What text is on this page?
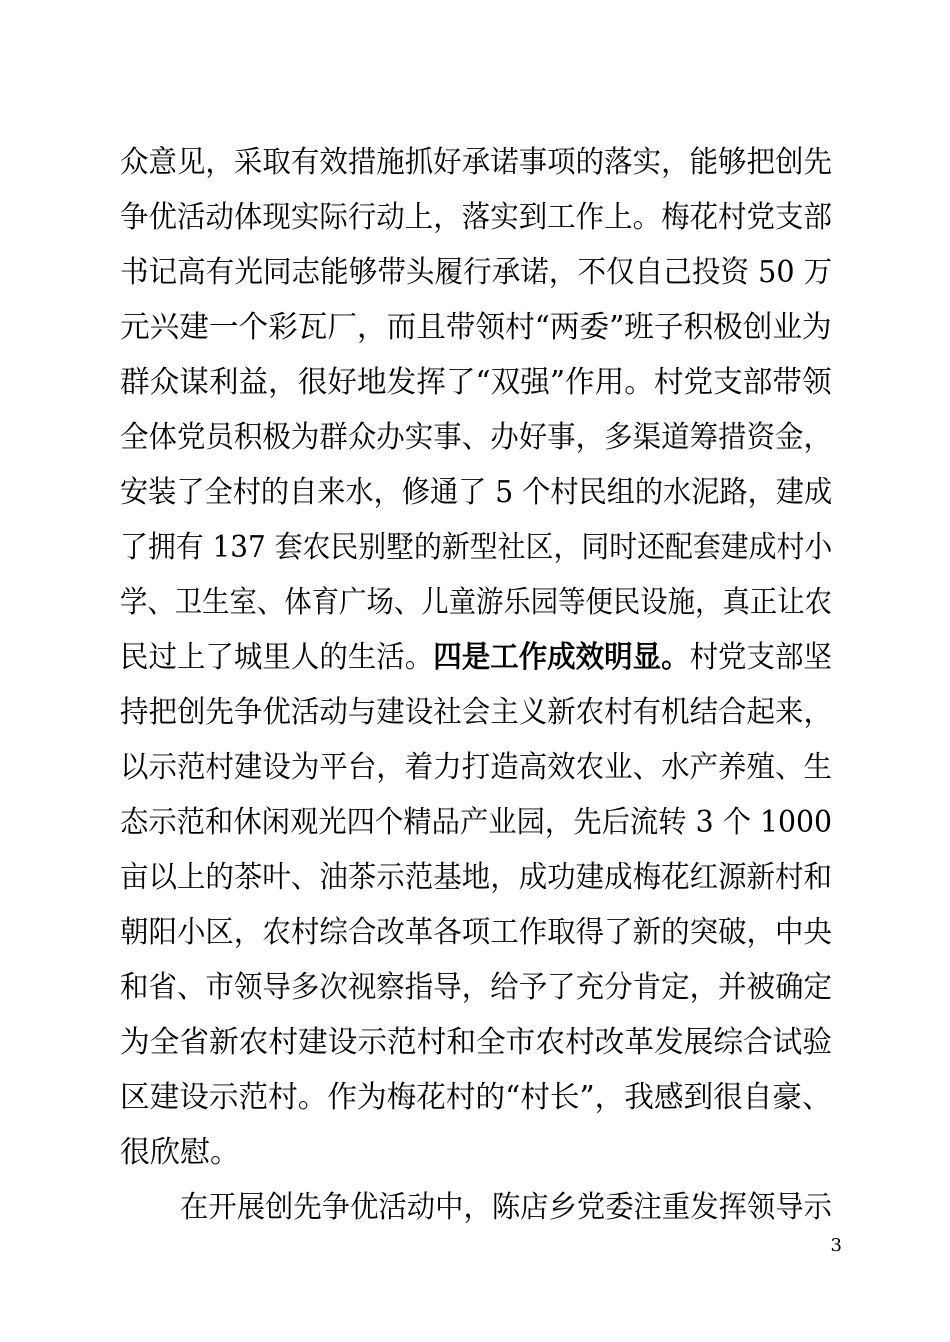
众意见，采取有效措施抓好承诺事项的落实，能够把创先
争优活动体现实际行动上，落实到工作上。梅花村党支部
书记高有光同志能够带头履行承诺，不仅自己投资 50 万
元兴建一个彩瓦厂，而且带领村“两委”班子积极创业为
群众谋利益，很好地发挥了“双强”作用。村党支部带领
全体党员积极为群众办实事、办好事，多渠道筹措资金，
安装了全村的自来水，修通了 5 个村民组的水泥路，建成
了拥有 137 套农民别墅的新型社区，同时还配套建成村小
学、卫生室、体育广场、儿童游乐园等便民设施，真正让农
民过上了城里人的生活。四是工作成效明显。村党支部坚
持把创先争优活动与建设社会主义新农村有机结合起来，
以示范村建设为平台，着力打造高效农业、水产养殖、生
态示范和休闲观光四个精品产业园，先后流转 3 个 1000
亩以上的茶叶、油茶示范基地，成功建成梅花红源新村和
朝阳小区，农村综合改革各项工作取得了新的突破，中央
和省、市领导多次视察指导，给予了充分肯定，并被确定
为全省新农村建设示范村和全市农村改革发展综合试验
区建设示范村。作为梅花村的“村长”，我感到很自豪、
很欣慰。
在开展创先争优活动中，陈店乡党委注重发挥领导示
3
